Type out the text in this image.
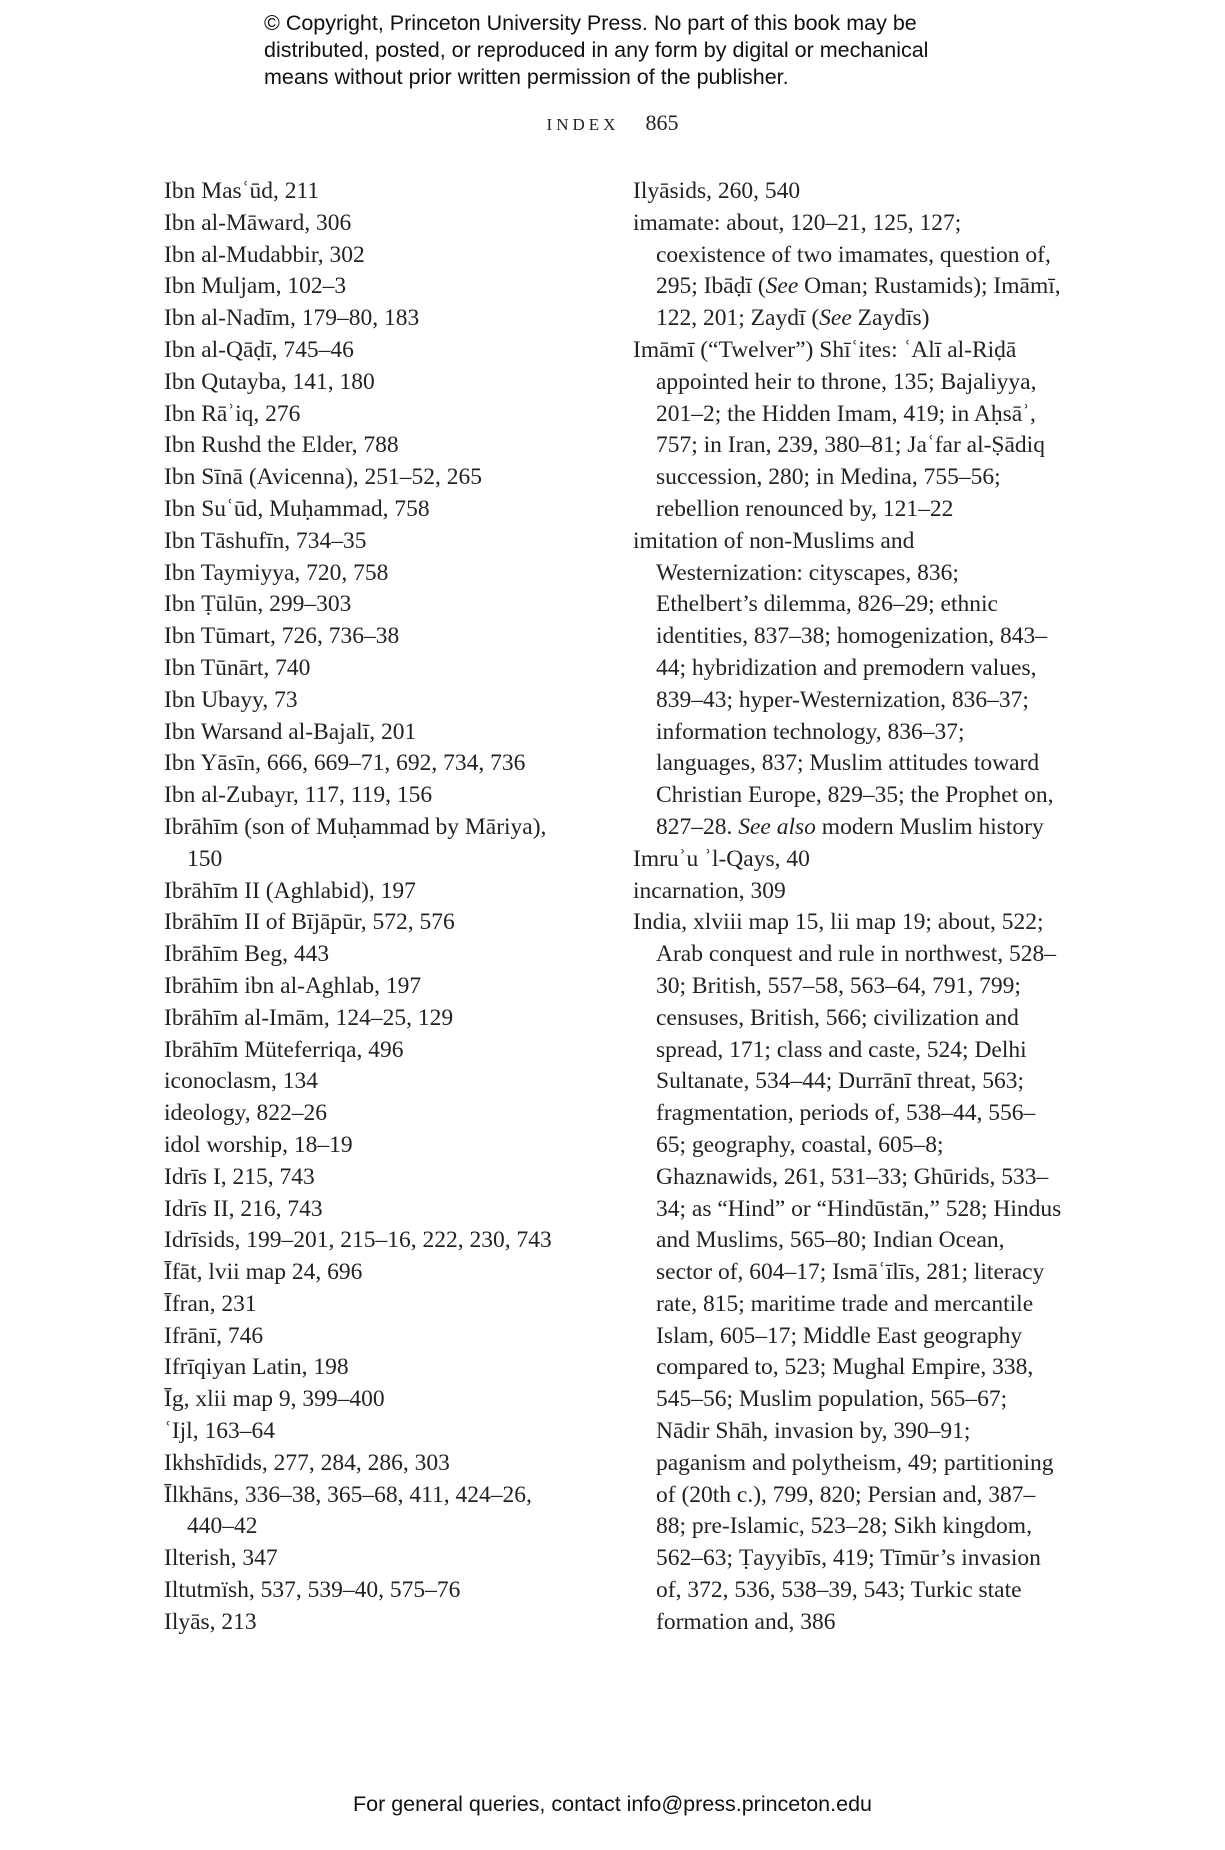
© Copyright, Princeton University Press. No part of this book may be

distributed, posted, or reproduced in any form by digital or mechanical

means without prior written permission of the publisher.

INDEX 865

Ibn Masʿūd, 211

Ibn al-Māward, 306

Ibn al-Mudabbir, 302

Ibn Muljam, 102–3

Ibn al-Nadīm, 179–80, 183

Ibn al-Qāḍī, 745–46

Ibn Qutayba, 141, 180

Ibn Rāʾiq, 276

Ibn Rushd the Elder, 788

Ibn Sīnā (Avicenna), 251–52, 265

Ibn Suʿūd, Muḥammad, 758

Ibn Tāshufīn, 734–35

Ibn Taymiyya, 720, 758

Ibn Ṭūlūn, 299–303

Ibn Tūmart, 726, 736–38

Ibn Tūnārt, 740

Ibn Ubayy, 73

Ibn Warsand al-Bajalī, 201

Ibn Yāsīn, 666, 669–71, 692, 734, 736

Ibn al-Zubayr, 117, 119, 156

Ibrāhīm (son of Muḥammad by Māriya), 150

Ibrāhīm II (Aghlabid), 197

Ibrāhīm II of Bījāpūr, 572, 576

Ibrāhīm Beg, 443

Ibrāhīm ibn al-Aghlab, 197

Ibrāhīm al-Imām, 124–25, 129

Ibrāhīm Müteferriqa, 496

iconoclasm, 134

ideology, 822–26

idol worship, 18–19

Idrīs I, 215, 743

Idrīs II, 216, 743

Idrīsids, 199–201, 215–16, 222, 230, 743

Īfāt, lvii map 24, 696

Īfran, 231

Ifrānī, 746

Ifrīqiyan Latin, 198

Īg, xlii map 9, 399–400

ʿIjl, 163–64

Ikhshīdids, 277, 284, 286, 303

Īlkhāns, 336–38, 365–68, 411, 424–26, 440–42

Ilterish, 347

Iltutmïsh, 537, 539–40, 575–76

Ilyās, 213

Ilyāsids, 260, 540

imamate: about, 120–21, 125, 127; coexistence of two imamates, question of, 295; Ibāḍī (See Oman; Rustamids); Imāmī, 122, 201; Zaydī (See Zaydīs)

Imāmī (“Twelver”) Shīʿites: ʿAlī al-Riḍā appointed heir to throne, 135; Bajaliyya, 201–2; the Hidden Imam, 419; in Aḥsāʾ, 757; in Iran, 239, 380–81; Jaʿfar al-Ṣādiq succession, 280; in Medina, 755–56; rebellion renounced by, 121–22

imitation of non-Muslims and Westernization: cityscapes, 836; Ethelbert’s dilemma, 826–29; ethnic identities, 837–38; homogenization, 843–44; hybridization and premodern values, 839–43; hyper-Westernization, 836–37; information technology, 836–37; languages, 837; Muslim attitudes toward Christian Europe, 829–35; the Prophet on, 827–28. See also modern Muslim history

Imruʾu ʾl-Qays, 40

incarnation, 309

India, xlviii map 15, lii map 19; about, 522; Arab conquest and rule in northwest, 528–30; British, 557–58, 563–64, 791, 799; censuses, British, 566; civilization and spread, 171; class and caste, 524; Delhi Sultanate, 534–44; Durrānī threat, 563; fragmentation, periods of, 538–44, 556–65; geography, coastal, 605–8; Ghaznawids, 261, 531–33; Ghūrids, 533–34; as “Hind” or “Hindūstān,” 528; Hindus and Muslims, 565–80; Indian Ocean, sector of, 604–17; Ismāʿīlīs, 281; literacy rate, 815; maritime trade and mercantile Islam, 605–17; Middle East geography compared to, 523; Mughal Empire, 338, 545–56; Muslim population, 565–67; Nādir Shāh, invasion by, 390–91; paganism and polytheism, 49; partitioning of (20th c.), 799, 820; Persian and, 387–88; pre-Islamic, 523–28; Sikh kingdom, 562–63; Ṭayyibīs, 419; Tīmūr’s invasion of, 372, 536, 538–39, 543; Turkic state formation and, 386

For general queries, contact info@press.princeton.edu
